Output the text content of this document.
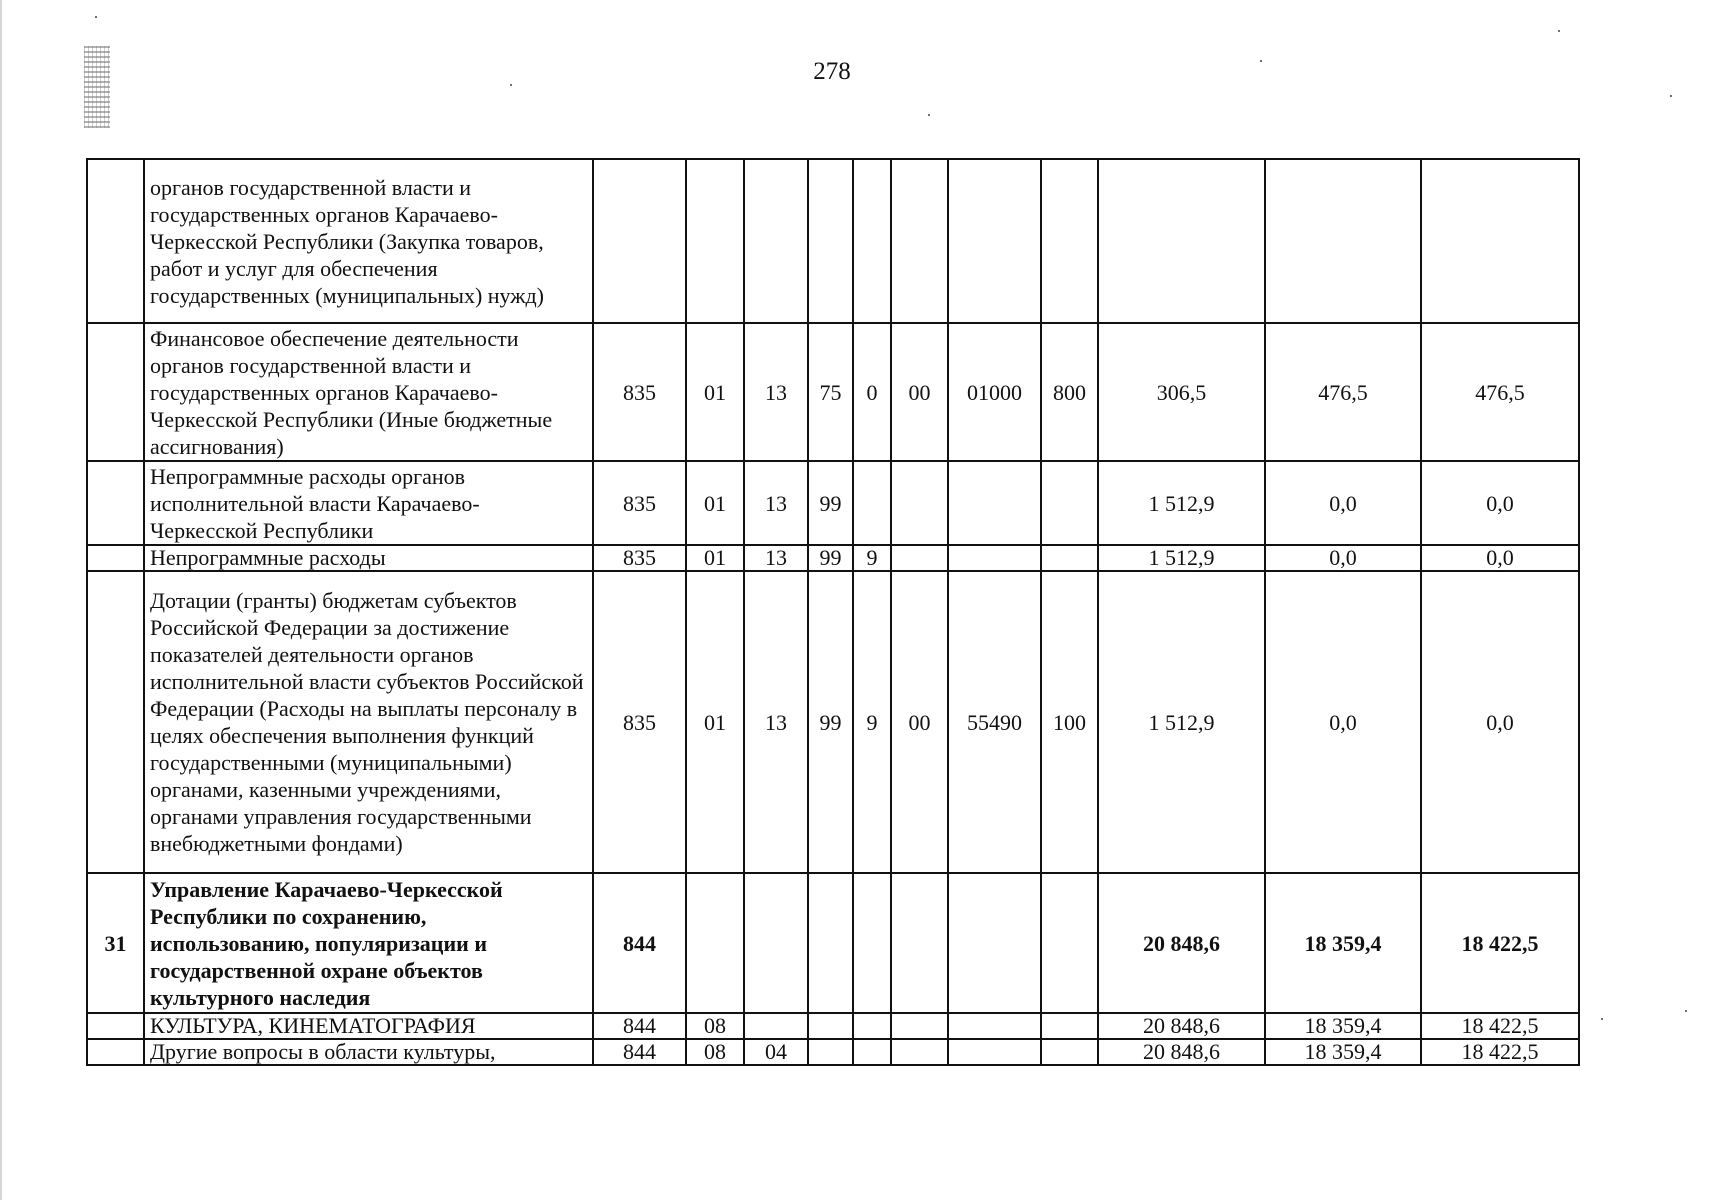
278
	органов государственной власти и государственных органов Карачаево-Черкесской Республики (Закупка товаров, работ и услуг для обеспечения государственных (муниципальных) нужд)											
	Финансовое обеспечение деятельности органов государственной власти и государственных органов Карачаево-Черкесской Республики (Иные бюджетные ассигнования)	835	01	13	75	0	00	01000	800	306,5	476,5	476,5
	Непрограммные расходы органов исполнительной власти Карачаево-Черкесской Республики	835	01	13	99					1 512,9	0,0	0,0
	Непрограммные расходы	835	01	13	99	9				1 512,9	0,0	0,0
	Дотации (гранты) бюджетам субъектов Российской Федерации за достижение показателей деятельности органов исполнительной власти субъектов Российской Федерации (Расходы на выплаты персоналу в целях обеспечения выполнения функций государственными (муниципальными) органами, казенными учреждениями, органами управления государственными внебюджетными фондами)	835	01	13	99	9	00	55490	100	1 512,9	0,0	0,0
31	Управление Карачаево-Черкесской Республики по сохранению, использованию, популяризации и государственной охране объектов культурного наследия	844								20 848,6	18 359,4	18 422,5
	КУЛЬТУРА, КИНЕМАТОГРАФИЯ	844	08							20 848,6	18 359,4	18 422,5
	Другие вопросы в области культуры,	844	08	04						20 848,6	18 359,4	18 422,5
